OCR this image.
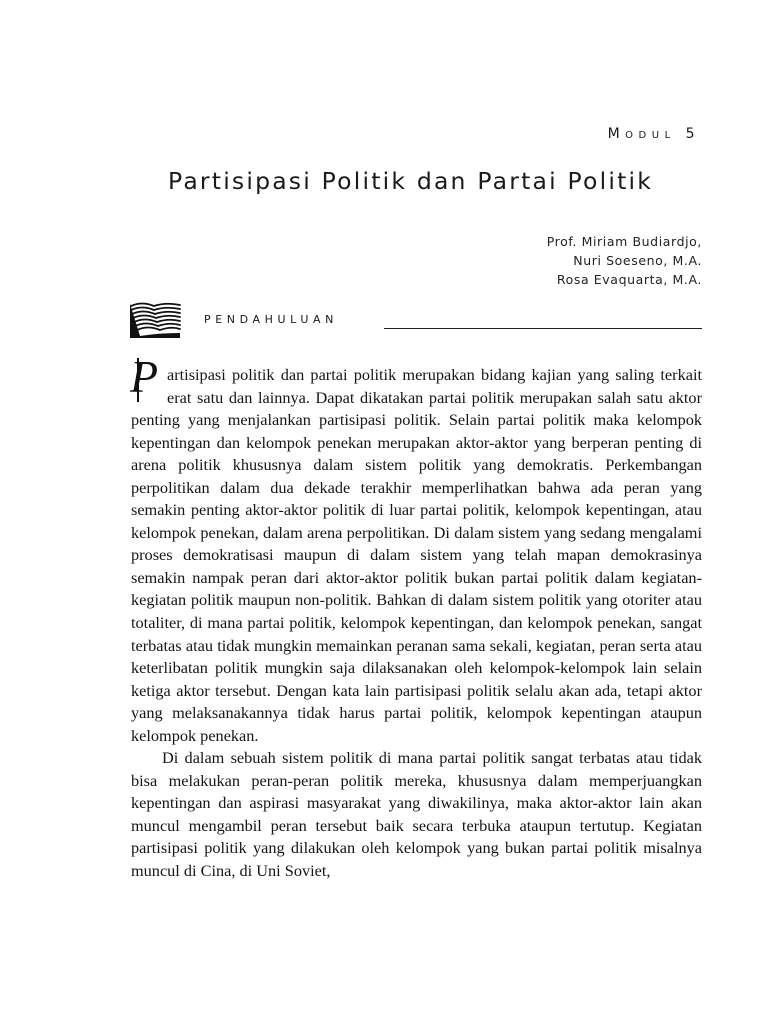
Modul 5
Partisipasi Politik dan Partai Politik
Prof. Miriam Budiardjo,
Nuri Soeseno, M.A.
Rosa Evaquarta, M.A.
PENDAHULUAN

P artisipasi politik dan partai politik merupakan bidang kajian yang saling terkait erat satu dan lainnya. Dapat dikatakan partai politik merupakan salah satu aktor penting yang menjalankan partisipasi politik. Selain partai politik maka kelompok kepentingan dan kelompok penekan merupakan aktor-aktor yang berperan penting di arena politik khususnya dalam sistem politik yang demokratis. Perkembangan perpolitikan dalam dua dekade terakhir memperlihatkan bahwa ada peran yang semakin penting aktor-aktor politik di luar partai politik, kelompok kepentingan, atau kelompok penekan, dalam arena perpolitikan. Di dalam sistem yang sedang mengalami proses demokratisasi maupun di dalam sistem yang telah mapan demokrasinya semakin nampak peran dari aktor-aktor politik bukan partai politik dalam kegiatan-kegiatan politik maupun non-politik. Bahkan di dalam sistem politik yang otoriter atau totaliter, di mana partai politik, kelompok kepentingan, dan kelompok penekan, sangat terbatas atau tidak mungkin memainkan peranan sama sekali, kegiatan, peran serta atau keterlibatan politik mungkin saja dilaksanakan oleh kelompok-kelompok lain selain ketiga aktor tersebut. Dengan kata lain partisipasi politik selalu akan ada, tetapi aktor yang melaksanakannya tidak harus partai politik, kelompok kepentingan ataupun kelompok penekan.

Di dalam sebuah sistem politik di mana partai politik sangat terbatas atau tidak bisa melakukan peran-peran politik mereka, khususnya dalam memperjuangkan kepentingan dan aspirasi masyarakat yang diwakilinya, maka aktor-aktor lain akan muncul mengambil peran tersebut baik secara terbuka ataupun tertutup. Kegiatan partisipasi politik yang dilakukan oleh kelompok yang bukan partai politik misalnya muncul di Cina, di Uni Soviet,
